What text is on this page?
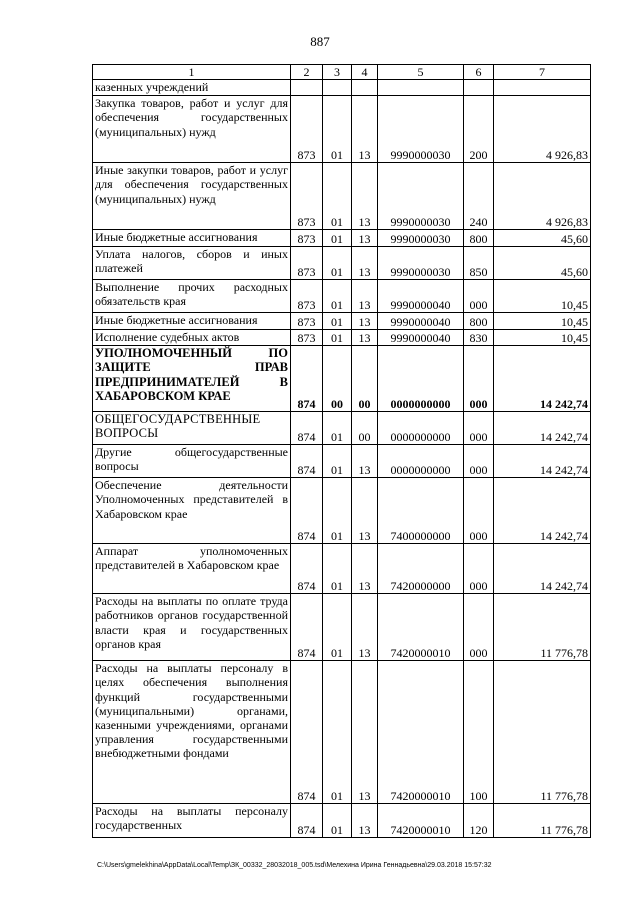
887
1	2	3	4	5	6	7
казенных учреждений						
Закупка товаров, работ и услуг для обеспечения государственных (муниципальных) нужд	873	01	13	9990000030	200	4 926,83
Иные закупки товаров, работ и услуг для обеспечения государственных (муниципальных) нужд	873	01	13	9990000030	240	4 926,83
Иные бюджетные ассигнования	873	01	13	9990000030	800	45,60
Уплата налогов, сборов и иных платежей	873	01	13	9990000030	850	45,60
Выполнение прочих расходных обязательств края	873	01	13	9990000040	000	10,45
Иные бюджетные ассигнования	873	01	13	9990000040	800	10,45
Исполнение судебных актов	873	01	13	9990000040	830	10,45
УПОЛНОМОЧЕННЫЙ ПО ЗАЩИТЕ ПРАВ ПРЕДПРИНИМАТЕЛЕЙ В ХАБАРОВСКОМ КРАЕ	874	00	00	0000000000	000	14 242,74
ОБЩЕГОСУДАРСТВЕННЫЕ ВОПРОСЫ	874	01	00	0000000000	000	14 242,74
Другие общегосударственные вопросы	874	01	13	0000000000	000	14 242,74
Обеспечение деятельности Уполномоченных представителей в Хабаровском крае	874	01	13	7400000000	000	14 242,74
Аппарат уполномоченных представителей в Хабаровском крае	874	01	13	7420000000	000	14 242,74
Расходы на выплаты по оплате труда работников органов государственной власти края и государственных органов края	874	01	13	7420000010	000	11 776,78
Расходы на выплаты персоналу в целях обеспечения выполнения функций государственными (муниципальными) органами, казенными учреждениями, органами управления государственными внебюджетными фондами	874	01	13	7420000010	100	11 776,78
Расходы на выплаты персоналу государственных	874	01	13	7420000010	120	11 776,78
C:\Users\gmelekhina\AppData\Local\Temp\ЗК_00332_28032018_005.tsd\Мелехина Ирина Геннадьевна\29.03.2018 15:57:32
